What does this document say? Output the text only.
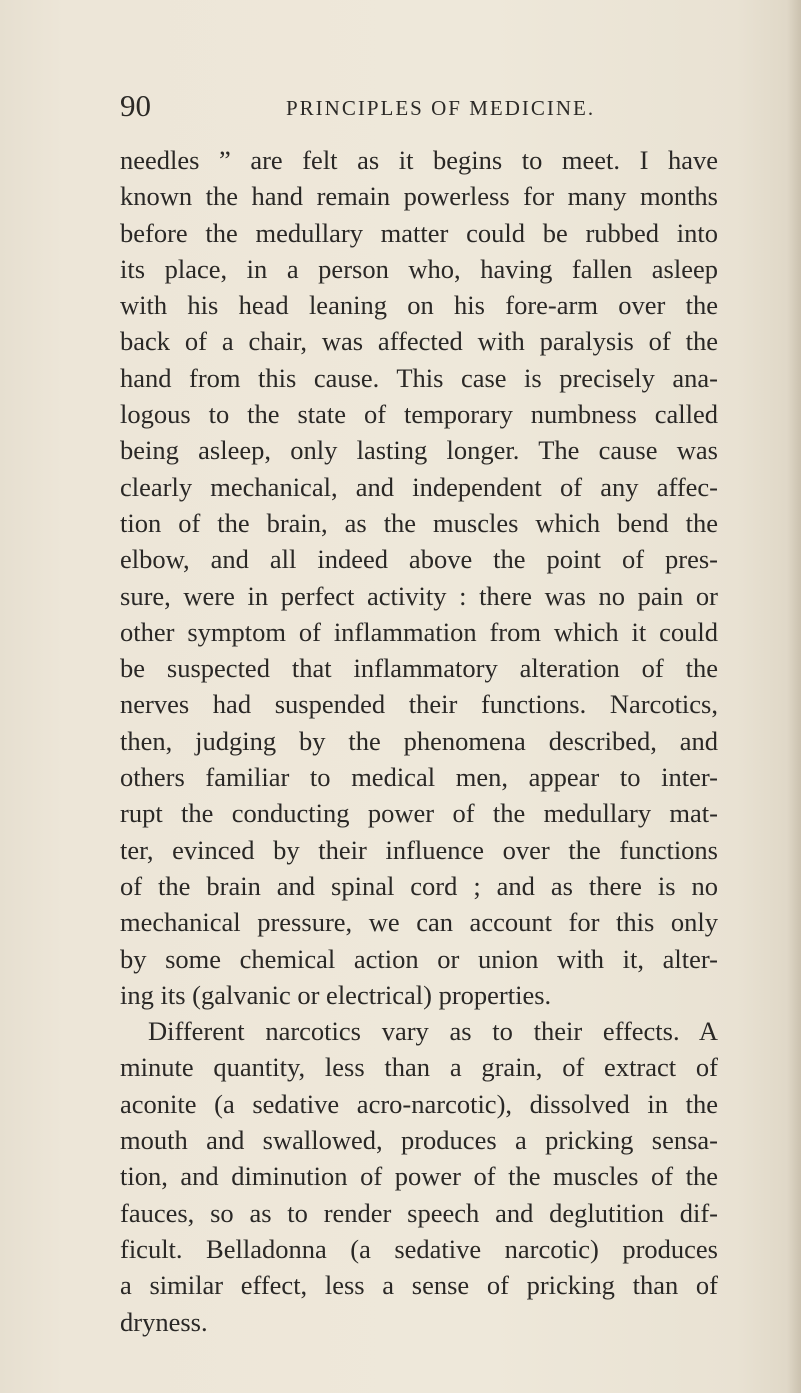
90	PRINCIPLES OF MEDICINE.
needles ” are felt as it begins to meet. I have
known the hand remain powerless for many months
before the medullary matter could be rubbed into
its place, in a person who, having fallen asleep
with his head leaning on his fore-arm over the
back of a chair, was affected with paralysis of the
hand from this cause. This case is precisely ana-
logous to the state of temporary numbness called
being asleep, only lasting longer. The cause was
clearly mechanical, and independent of any affec-
tion of the brain, as the muscles which bend the
elbow, and all indeed above the point of pres-
sure, were in perfect activity : there was no pain or
other symptom of inflammation from which it could
be suspected that inflammatory alteration of the
nerves had suspended their functions. Narcotics,
then, judging by the phenomena described, and
others familiar to medical men, appear to inter-
rupt the conducting power of the medullary mat-
ter, evinced by their influence over the functions
of the brain and spinal cord ; and as there is no
mechanical pressure, we can account for this only
by some chemical action or union with it, alter-
ing its (galvanic or electrical) properties.
Different narcotics vary as to their effects. A
minute quantity, less than a grain, of extract of
aconite (a sedative acro-narcotic), dissolved in the
mouth and swallowed, produces a pricking sensa-
tion, and diminution of power of the muscles of the
fauces, so as to render speech and deglutition dif-
ficult. Belladonna (a sedative narcotic) produces
a similar effect, less a sense of pricking than of
dryness.
